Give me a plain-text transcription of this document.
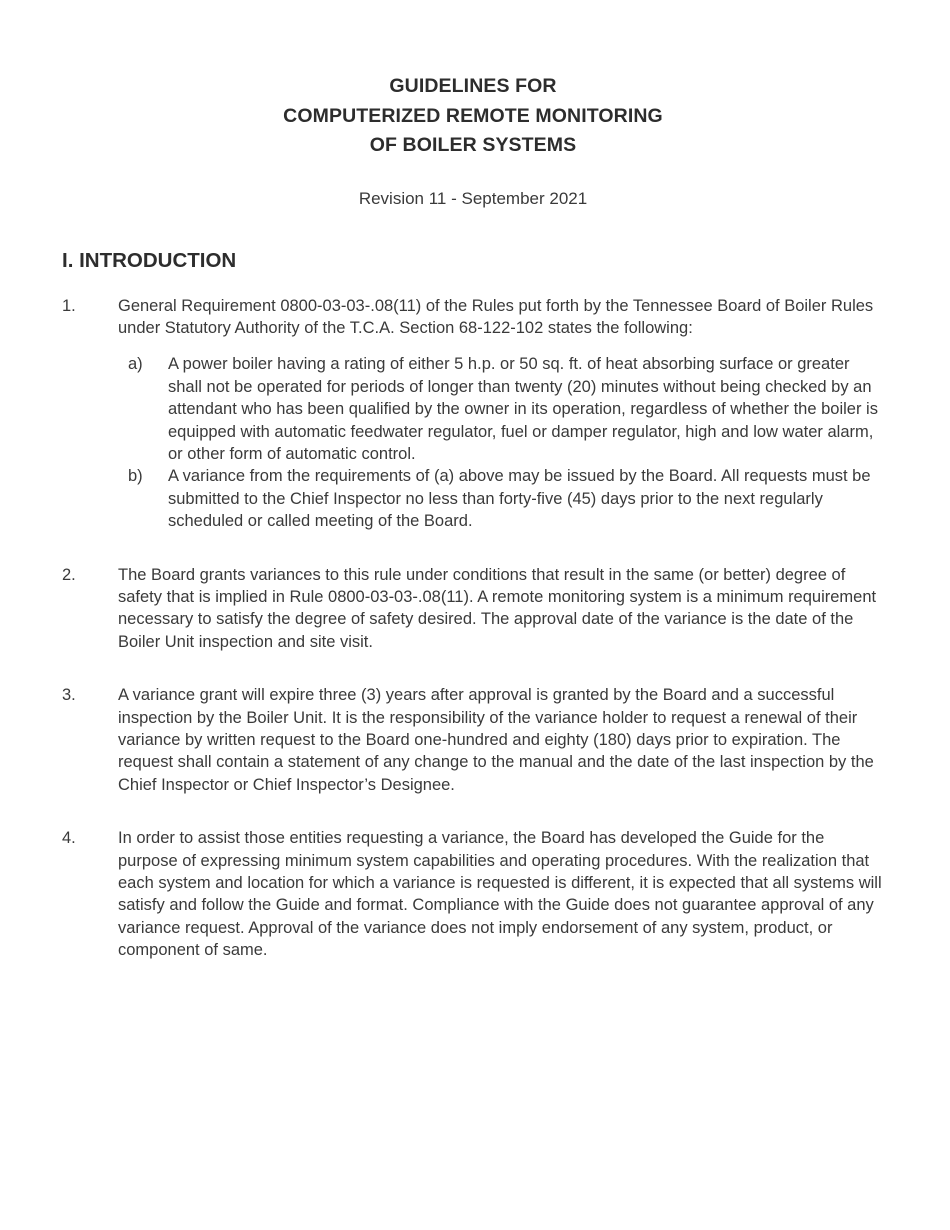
GUIDELINES FOR
COMPUTERIZED REMOTE MONITORING
OF BOILER SYSTEMS
Revision 11 - September 2021
I. INTRODUCTION
1.	General Requirement 0800-03-03-.08(11) of the Rules put forth by the Tennessee Board of Boiler Rules under Statutory Authority of the T.C.A. Section 68-122-102 states the following:
a)	A power boiler having a rating of either 5 h.p. or 50 sq. ft. of heat absorbing surface or greater shall not be operated for periods of longer than twenty (20) minutes without being checked by an attendant who has been qualified by the owner in its operation, regardless of whether the boiler is equipped with automatic feedwater regulator, fuel or damper regulator, high and low water alarm, or other form of automatic control.
b)	A variance from the requirements of (a) above may be issued by the Board. All requests must be submitted to the Chief Inspector no less than forty-five (45) days prior to the next regularly scheduled or called meeting of the Board.
2.	The Board grants variances to this rule under conditions that result in the same (or better) degree of safety that is implied in Rule 0800-03-03-.08(11). A remote monitoring system is a minimum requirement necessary to satisfy the degree of safety desired. The approval date of the variance is the date of the Boiler Unit inspection and site visit.
3.	A variance grant will expire three (3) years after approval is granted by the Board and a successful inspection by the Boiler Unit. It is the responsibility of the variance holder to request a renewal of their variance by written request to the Board one-hundred and eighty (180) days prior to expiration. The request shall contain a statement of any change to the manual and the date of the last inspection by the Chief Inspector or Chief Inspector’s Designee.
4.	In order to assist those entities requesting a variance, the Board has developed the Guide for the purpose of expressing minimum system capabilities and operating procedures. With the realization that each system and location for which a variance is requested is different, it is expected that all systems will satisfy and follow the Guide and format. Compliance with the Guide does not guarantee approval of any variance request. Approval of the variance does not imply endorsement of any system, product, or component of same.
